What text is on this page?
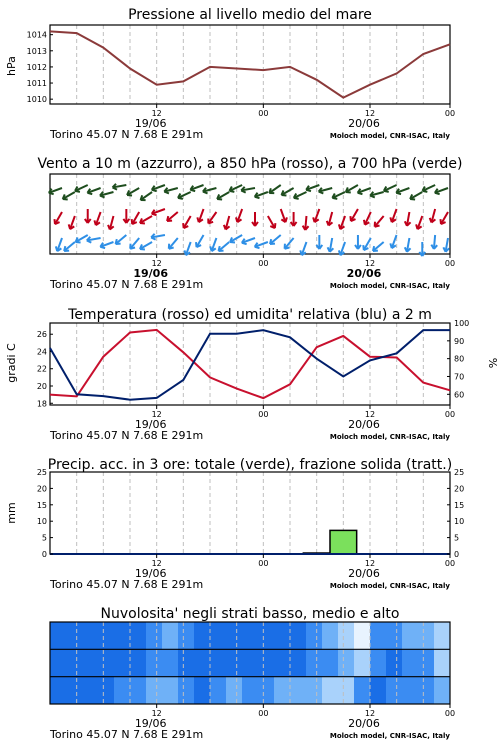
Pressione al livello medio del mare
hPa
1010
1011
1012
1013
1014
12	00	12	00
19/06	20/06
Torino 45.07 N 7.68 E 291m	Moloch model, CNR-ISAC, Italy
Vento a 10 m (azzurro), a 850 hPa (rosso), a 700 hPa (verde)
12	00	12	00
19/06	20/06
Torino 45.07 N 7.68 E 291m	Moloch model, CNR-ISAC, Italy
Temperatura (rosso) ed umidita' relativa (blu) a 2 m
gradi C	%
18
20
22
24
26
60
70
80
90
100
12	00	12	00
19/06	20/06
Torino 45.07 N 7.68 E 291m	Moloch model, CNR-ISAC, Italy
Precip. acc. in 3 ore: totale (verde), frazione solida (tratt.)
mm
0
5
10
15
20
25
0
5
10
15
20
25
12	00	12	00
19/06	20/06
Torino 45.07 N 7.68 E 291m	Moloch model, CNR-ISAC, Italy
Nuvolosita' negli strati basso, medio e alto
12	00	12	00
19/06	20/06
Torino 45.07 N 7.68 E 291m	Moloch model, CNR-ISAC, Italy
